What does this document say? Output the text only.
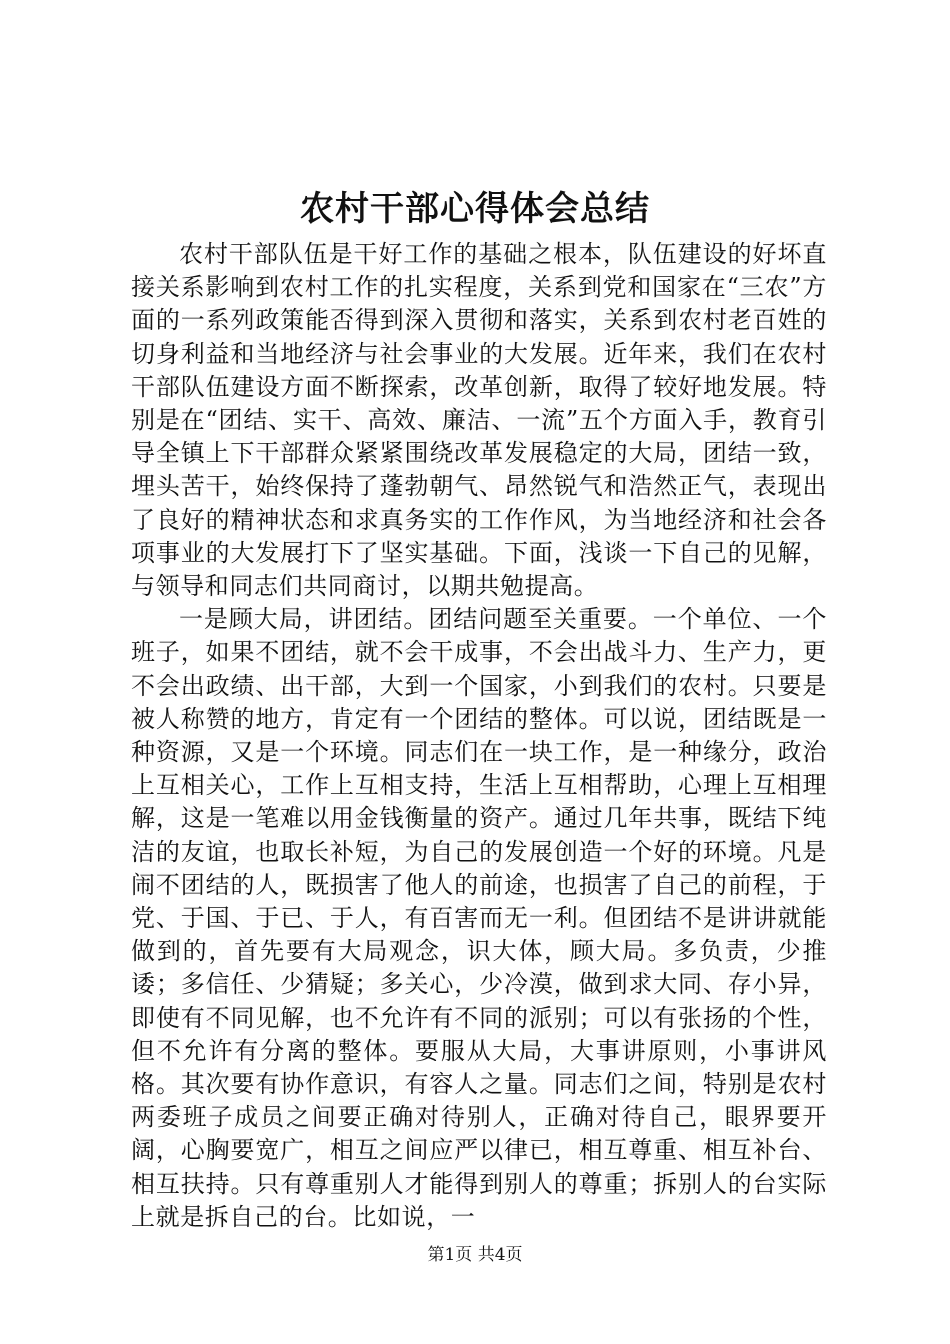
农村干部心得体会总结

农村干部队伍是干好工作的基础之根本，队伍建设的好坏直接关系影响到农村工作的扎实程度，关系到党和国家在“三农”方面的一系列政策能否得到深入贯彻和落实，关系到农村老百姓的切身利益和当地经济与社会事业的大发展。近年来，我们在农村干部队伍建设方面不断探索，改革创新，取得了较好地发展。特别是在“团结、实干、高效、廉洁、一流”五个方面入手，教育引导全镇上下干部群众紧紧围绕改革发展稳定的大局，团结一致，埋头苦干，始终保持了蓬勃朝气、昂然锐气和浩然正气，表现出了良好的精神状态和求真务实的工作作风，为当地经济和社会各项事业的大发展打下了坚实基础。下面，浅谈一下自己的见解，与领导和同志们共同商讨，以期共勉提高。

一是顾大局，讲团结。团结问题至关重要。一个单位、一个班子，如果不团结，就不会干成事，不会出战斗力、生产力，更不会出政绩、出干部，大到一个国家，小到我们的农村。只要是被人称赞的地方，肯定有一个团结的整体。可以说，团结既是一种资源，又是一个环境。同志们在一块工作，是一种缘分，政治上互相关心，工作上互相支持，生活上互相帮助，心理上互相理解，这是一笔难以用金钱衡量的资产。通过几年共事，既结下纯洁的友谊，也取长补短，为自己的发展创造一个好的环境。凡是闹不团结的人，既损害了他人的前途，也损害了自己的前程，于党、于国、于已、于人，有百害而无一利。但团结不是讲讲就能做到的，首先要有大局观念，识大体，顾大局。多负责，少推诿；多信任、少猜疑；多关心，少冷漠，做到求大同、存小异，即使有不同见解，也不允许有不同的派别；可以有张扬的个性，但不允许有分离的整体。要服从大局，大事讲原则，小事讲风格。其次要有协作意识，有容人之量。同志们之间，特别是农村两委班子成员之间要正确对待别人，正确对待自己，眼界要开阔，心胸要宽广，相互之间应严以律已，相互尊重、相互补台、相互扶持。只有尊重别人才能得到别人的尊重；拆别人的台实际上就是拆自己的台。比如说，一

第1页 共4页
